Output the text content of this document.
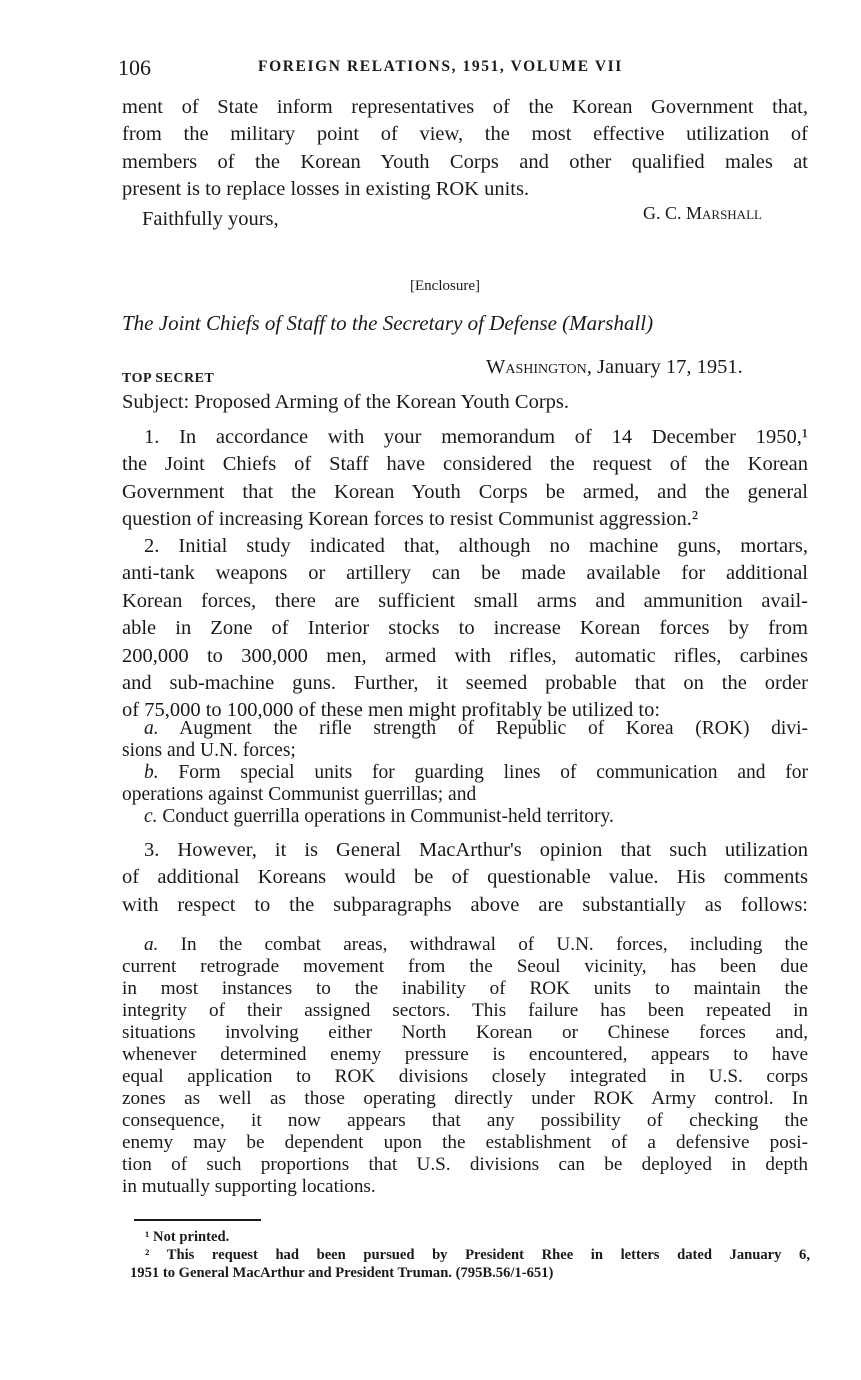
106	FOREIGN RELATIONS, 1951, VOLUME VII
ment of State inform representatives of the Korean Government that,
from the military point of view, the most effective utilization of
members of the Korean Youth Corps and other qualified males at
present is to replace losses in existing ROK units.
Faithfully yours,	G. C. Marshall
[Enclosure]
The Joint Chiefs of Staff to the Secretary of Defense (Marshall)
TOP SECRET
Washington, January 17, 1951.
Subject: Proposed Arming of the Korean Youth Corps.
1. In accordance with your memorandum of 14 December 1950,¹
the Joint Chiefs of Staff have considered the request of the Korean
Government that the Korean Youth Corps be armed, and the general
question of increasing Korean forces to resist Communist aggression.²
2. Initial study indicated that, although no machine guns, mortars,
anti-tank weapons or artillery can be made available for additional
Korean forces, there are sufficient small arms and ammunition avail-
able in Zone of Interior stocks to increase Korean forces by from
200,000 to 300,000 men, armed with rifles, automatic rifles, carbines
and sub-machine guns. Further, it seemed probable that on the order
of 75,000 to 100,000 of these men might profitably be utilized to:
a. Augment the rifle strength of Republic of Korea (ROK) divi-
sions and U.N. forces;
b. Form special units for guarding lines of communication and for
operations against Communist guerrillas; and
c. Conduct guerrilla operations in Communist-held territory.
3. However, it is General MacArthur's opinion that such utilization
of additional Koreans would be of questionable value. His comments
with respect to the subparagraphs above are substantially as follows:
a. In the combat areas, withdrawal of U.N. forces, including the
current retrograde movement from the Seoul vicinity, has been due
in most instances to the inability of ROK units to maintain the
integrity of their assigned sectors. This failure has been repeated in
situations involving either North Korean or Chinese forces and,
whenever determined enemy pressure is encountered, appears to have
equal application to ROK divisions closely integrated in U.S. corps
zones as well as those operating directly under ROK Army control. In
consequence, it now appears that any possibility of checking the
enemy may be dependent upon the establishment of a defensive posi-
tion of such proportions that U.S. divisions can be deployed in depth
in mutually supporting locations.
¹ Not printed.
² This request had been pursued by President Rhee in letters dated January 6,
1951 to General MacArthur and President Truman. (795B.56/1-651)
